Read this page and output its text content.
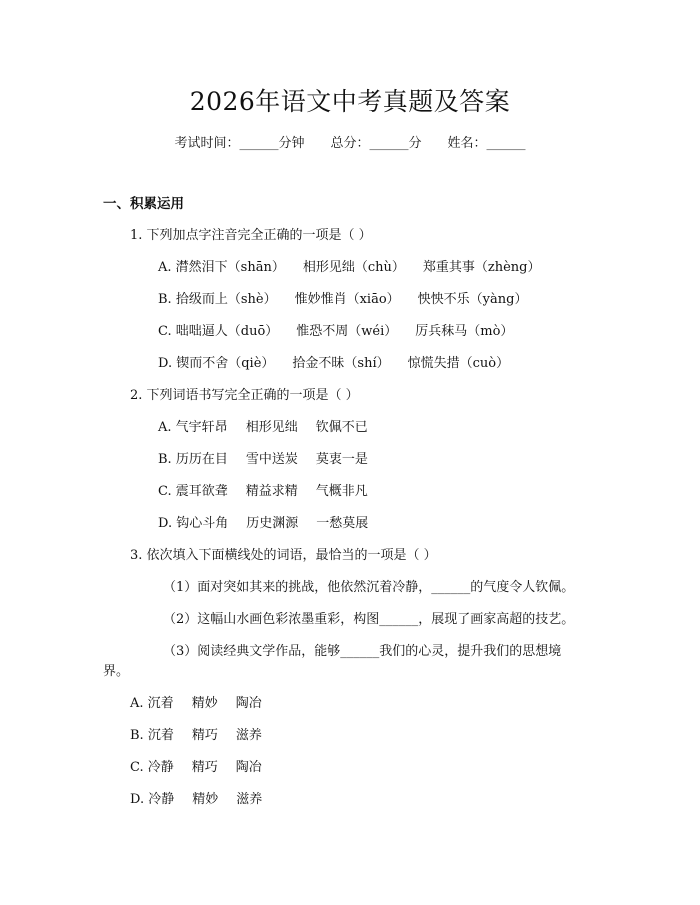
2026年语文中考真题及答案
考试时间：______分钟 总分：______分 姓名：______
一、积累运用
1. 下列加点字注音完全正确的一项是（ ）
A. 潸然泪下（shān） 相形见绌（chù） 郑重其事（zhèng）
B. 拾级而上（shè） 惟妙惟肖（xiāo） 怏怏不乐（yàng）
C. 咄咄逼人（duō） 惟恐不周（wéi） 厉兵秣马（mò）
D. 锲而不舍（qiè） 拾金不昧（shí） 惊慌失措（cuò）
2. 下列词语书写完全正确的一项是（ ）
A. 气宇轩昂 相形见绌 钦佩不已
B. 历历在目 雪中送炭 莫衷一是
C. 震耳欲聋 精益求精 气概非凡
D. 钩心斗角 历史渊源 一愁莫展
3. 依次填入下面横线处的词语，最恰当的一项是（ ）
（1）面对突如其来的挑战，他依然沉着冷静，______的气度令人钦佩。
（2）这幅山水画色彩浓墨重彩，构图______，展现了画家高超的技艺。
（3）阅读经典文学作品，能够______我们的心灵，提升我们的思想境
界。
A. 沉着 精妙 陶冶
B. 沉着 精巧 滋养
C. 冷静 精巧 陶冶
D. 冷静 精妙 滋养
